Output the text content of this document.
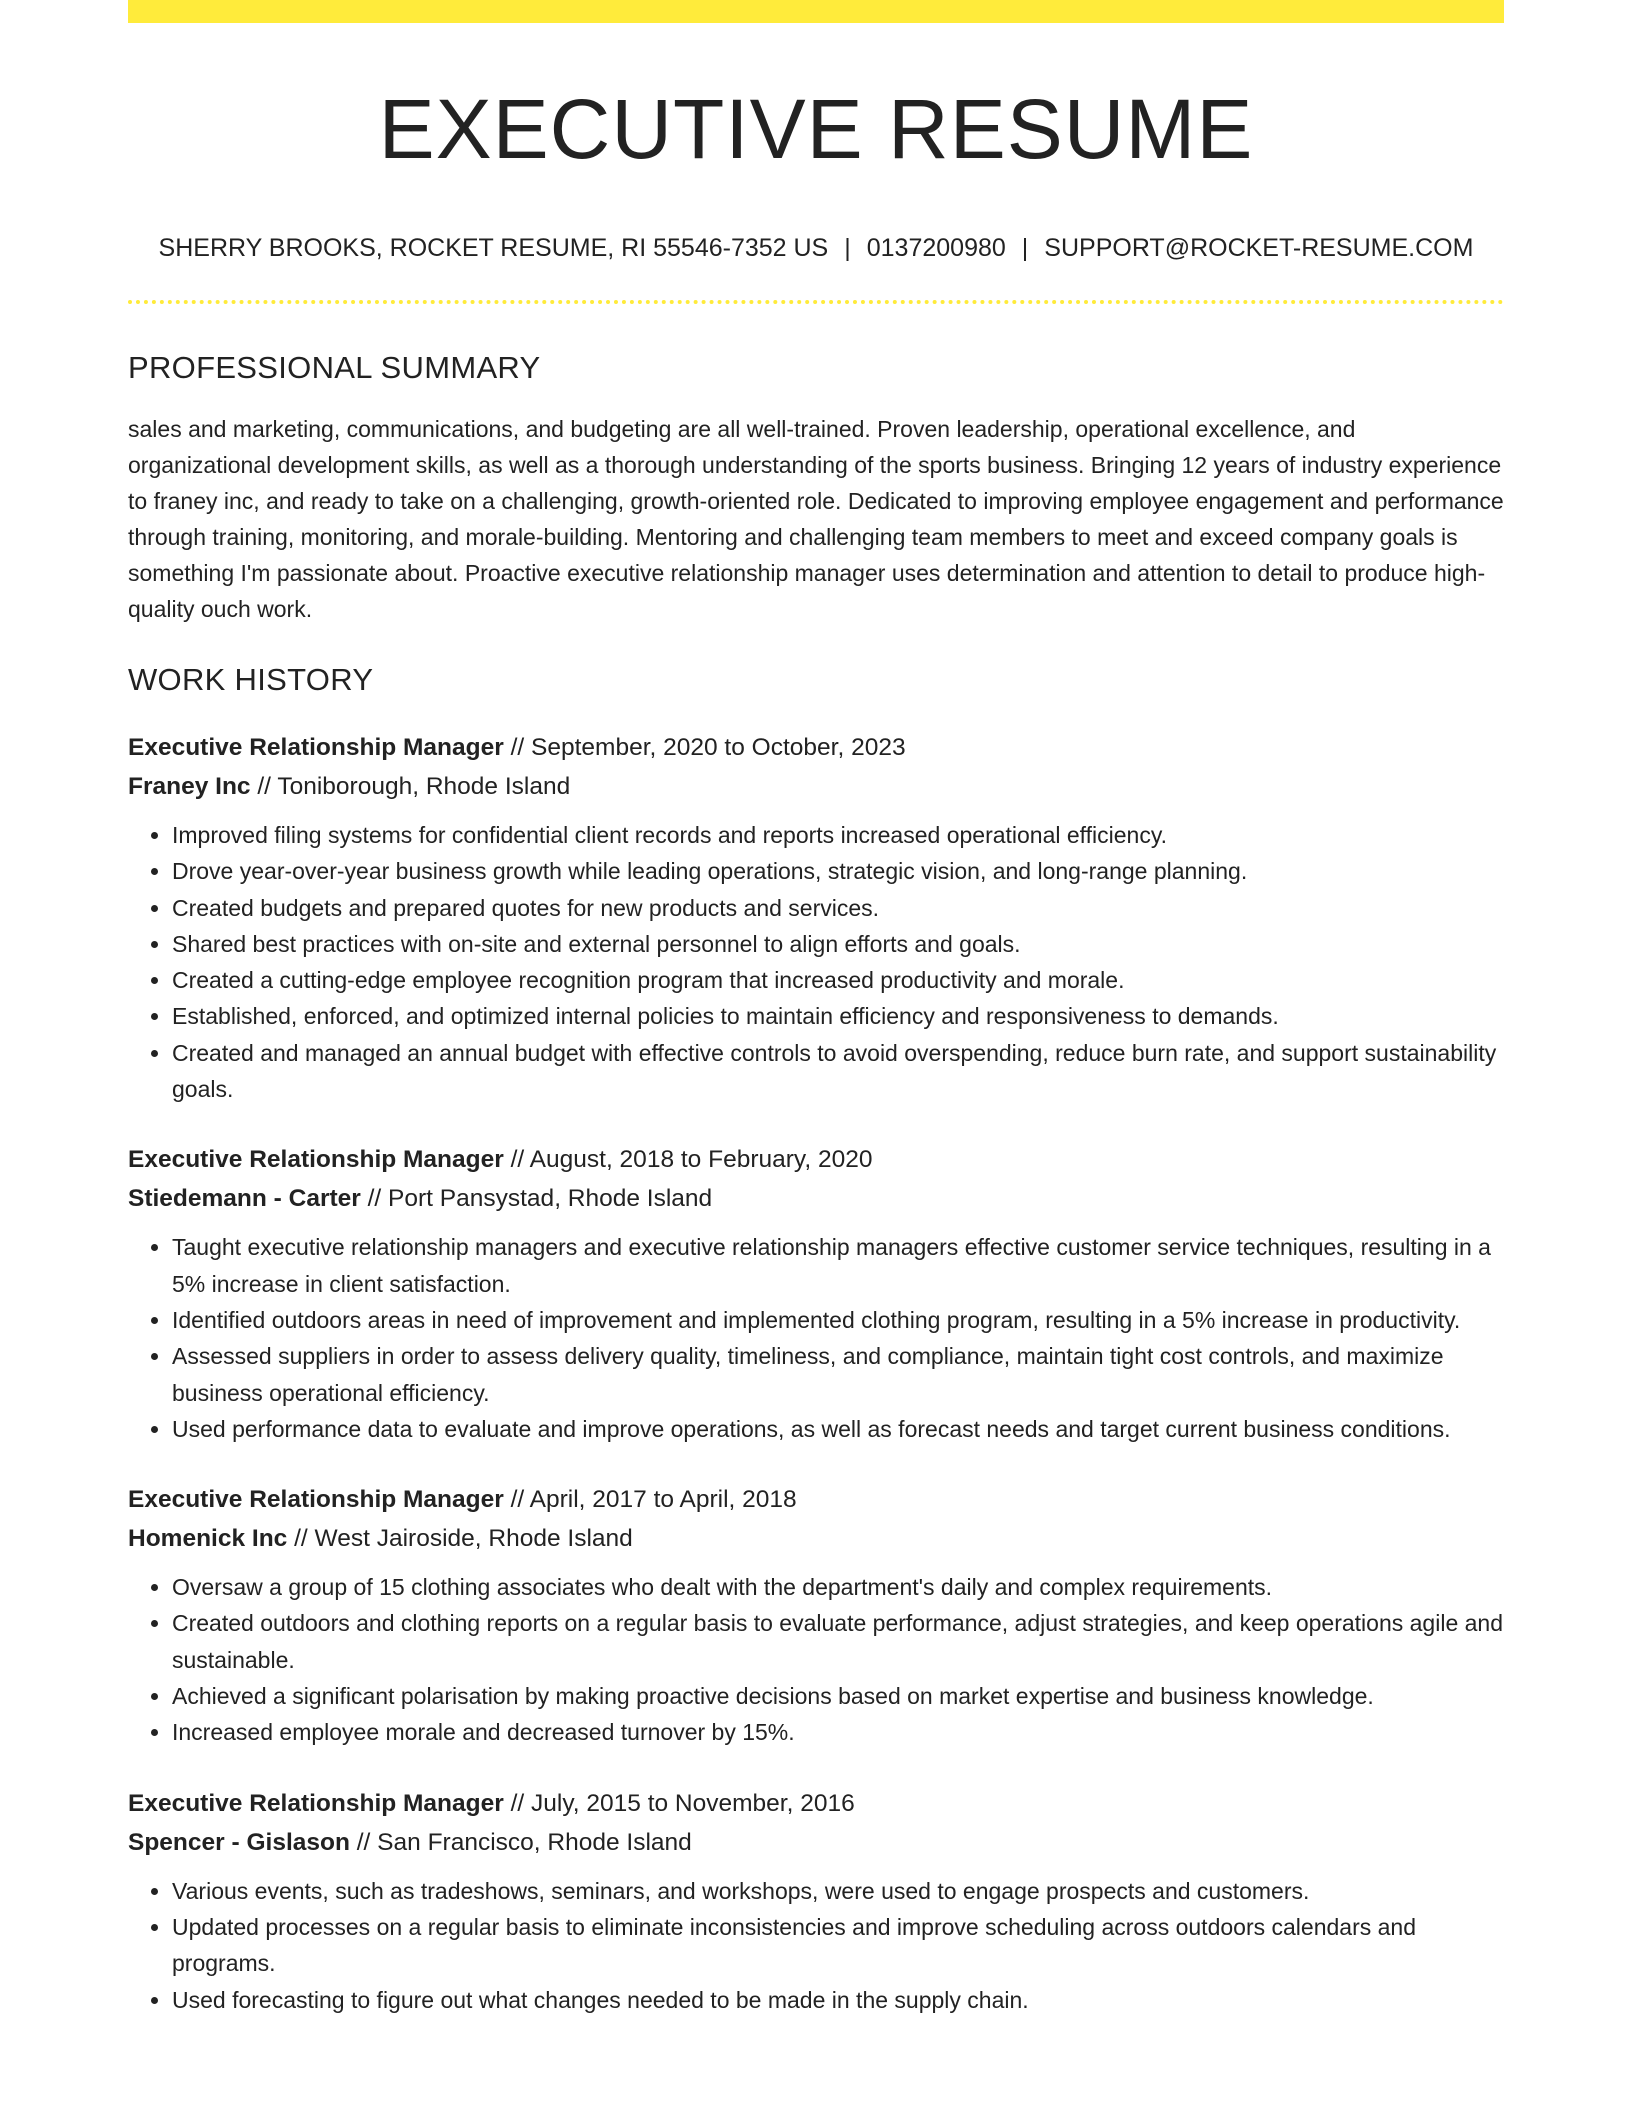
EXECUTIVE RESUME
SHERRY BROOKS, ROCKET RESUME, RI 55546-7352 US | 0137200980 | SUPPORT@ROCKET-RESUME.COM
PROFESSIONAL SUMMARY

sales and marketing, communications, and budgeting are all well-trained. Proven leadership, operational excellence, and organizational development skills, as well as a thorough understanding of the sports business. Bringing 12 years of industry experience to franey inc, and ready to take on a challenging, growth-oriented role. Dedicated to improving employee engagement and performance through training, monitoring, and morale-building. Mentoring and challenging team members to meet and exceed company goals is something I'm passionate about. Proactive executive relationship manager uses determination and attention to detail to produce high-quality ouch work.

WORK HISTORY
Executive Relationship Manager // September, 2020 to October, 2023
Franey Inc // Toniborough, Rhode Island
• Improved filing systems for confidential client records and reports increased operational efficiency.
• Drove year-over-year business growth while leading operations, strategic vision, and long-range planning.
• Created budgets and prepared quotes for new products and services.
• Shared best practices with on-site and external personnel to align efforts and goals.
• Created a cutting-edge employee recognition program that increased productivity and morale.
• Established, enforced, and optimized internal policies to maintain efficiency and responsiveness to demands.
• Created and managed an annual budget with effective controls to avoid overspending, reduce burn rate, and support sustainability goals.
Executive Relationship Manager // August, 2018 to February, 2020
Stiedemann - Carter // Port Pansystad, Rhode Island
• Taught executive relationship managers and executive relationship managers effective customer service techniques, resulting in a 5% increase in client satisfaction.
• Identified outdoors areas in need of improvement and implemented clothing program, resulting in a 5% increase in productivity.
• Assessed suppliers in order to assess delivery quality, timeliness, and compliance, maintain tight cost controls, and maximize business operational efficiency.
• Used performance data to evaluate and improve operations, as well as forecast needs and target current business conditions.
Executive Relationship Manager // April, 2017 to April, 2018
Homenick Inc // West Jairoside, Rhode Island
• Oversaw a group of 15 clothing associates who dealt with the department's daily and complex requirements.
• Created outdoors and clothing reports on a regular basis to evaluate performance, adjust strategies, and keep operations agile and sustainable.
• Achieved a significant polarisation by making proactive decisions based on market expertise and business knowledge.
• Increased employee morale and decreased turnover by 15%.
Executive Relationship Manager // July, 2015 to November, 2016
Spencer - Gislason // San Francisco, Rhode Island
• Various events, such as tradeshows, seminars, and workshops, were used to engage prospects and customers.
• Updated processes on a regular basis to eliminate inconsistencies and improve scheduling across outdoors calendars and programs.
• Used forecasting to figure out what changes needed to be made in the supply chain.
